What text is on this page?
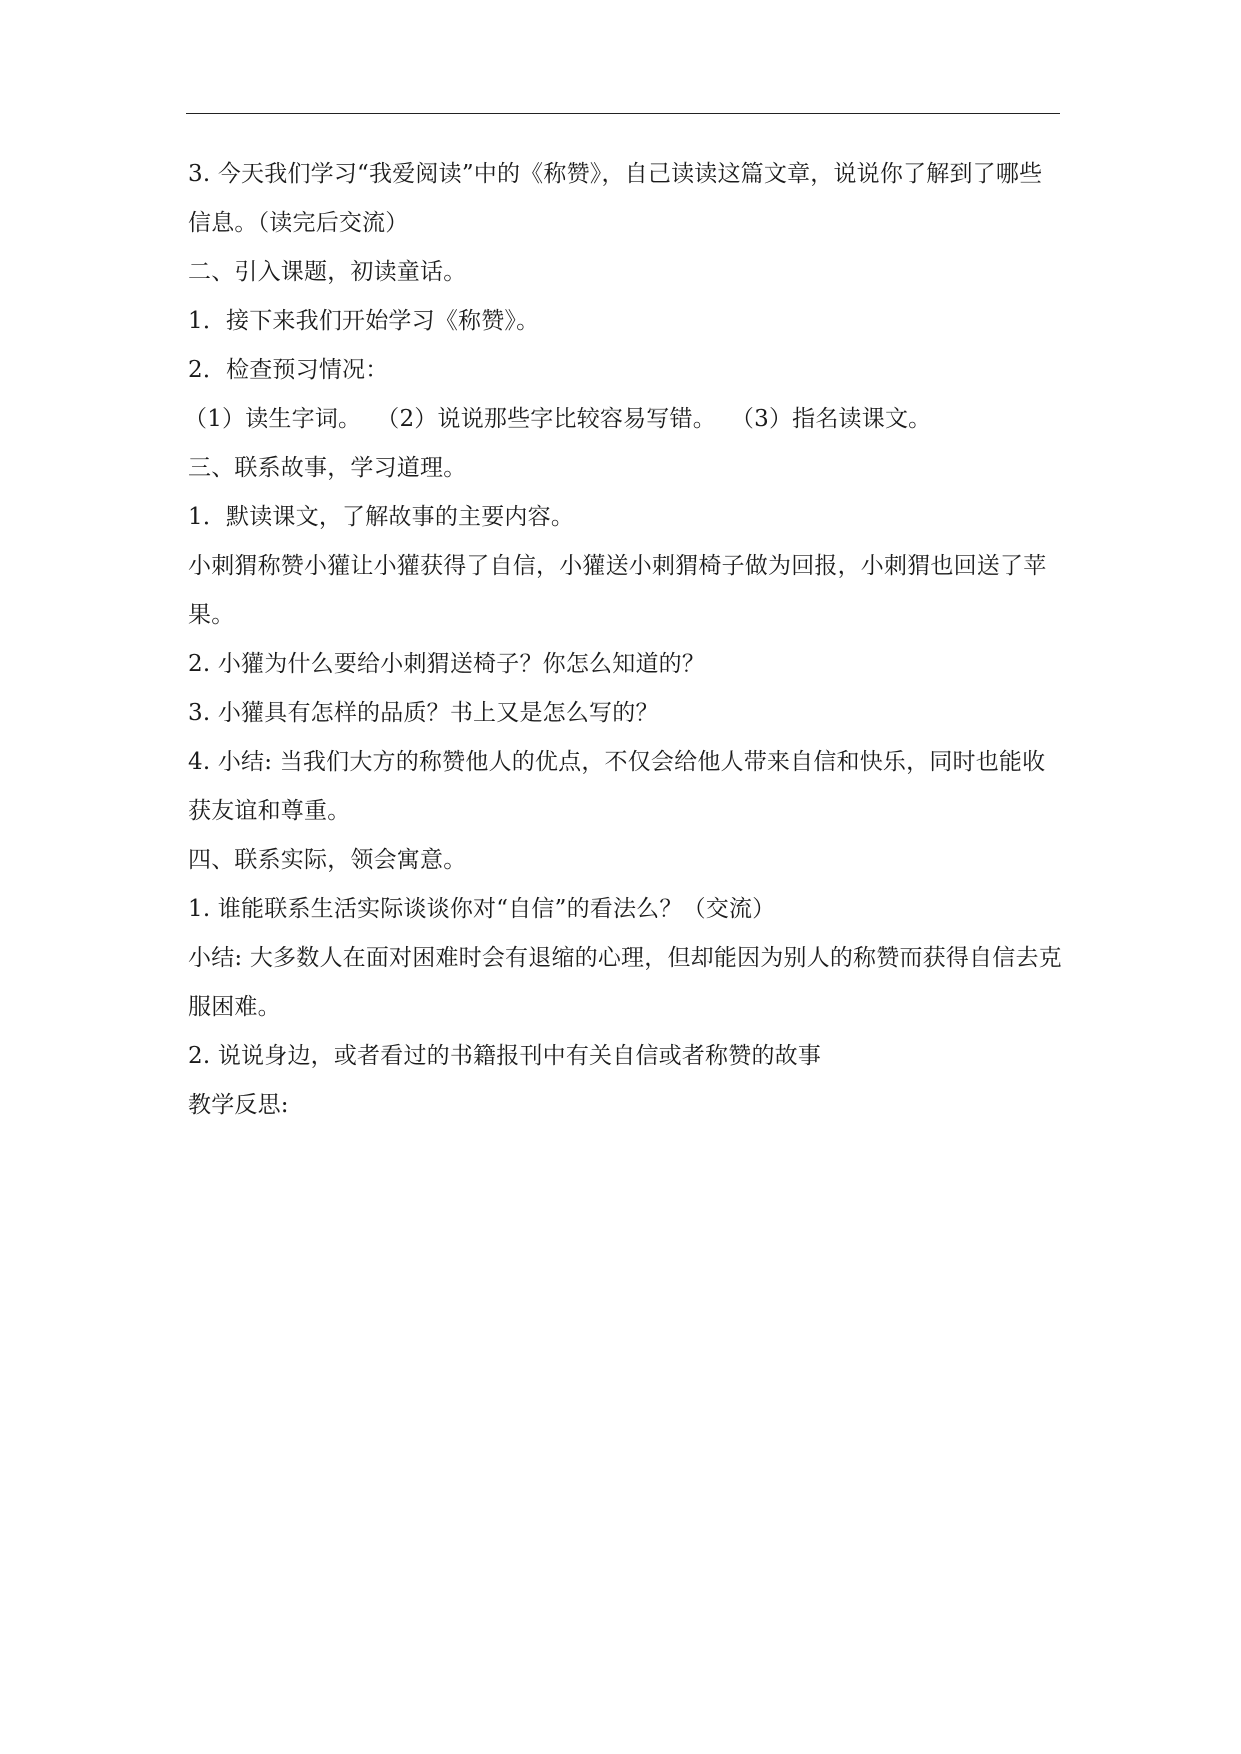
3. 今天我们学习“我爱阅读”中的《称赞》，自己读读这篇文章，说说你了解到了哪些信息。（读完后交流）

二、引入课题，初读童话。

1．接下来我们开始学习《称赞》。

2．检查预习情况：

（1）读生字词。  （2）说说那些字比较容易写错。  （3）指名读课文。

三、联系故事，学习道理。

1．默读课文，了解故事的主要内容。

小刺猬称赞小獾让小獾获得了自信，小獾送小刺猬椅子做为回报，小刺猬也回送了苹果。

2. 小獾为什么要给小刺猬送椅子？你怎么知道的？

3. 小獾具有怎样的品质？书上又是怎么写的？

4. 小结: 当我们大方的称赞他人的优点，不仅会给他人带来自信和快乐，同时也能收获友谊和尊重。

四、联系实际，领会寓意。

1. 谁能联系生活实际谈谈你对“自信”的看法么？（交流）

小结: 大多数人在面对困难时会有退缩的心理，但却能因为别人的称赞而获得自信去克服困难。

2. 说说身边，或者看过的书籍报刊中有关自信或者称赞的故事

教学反思:
